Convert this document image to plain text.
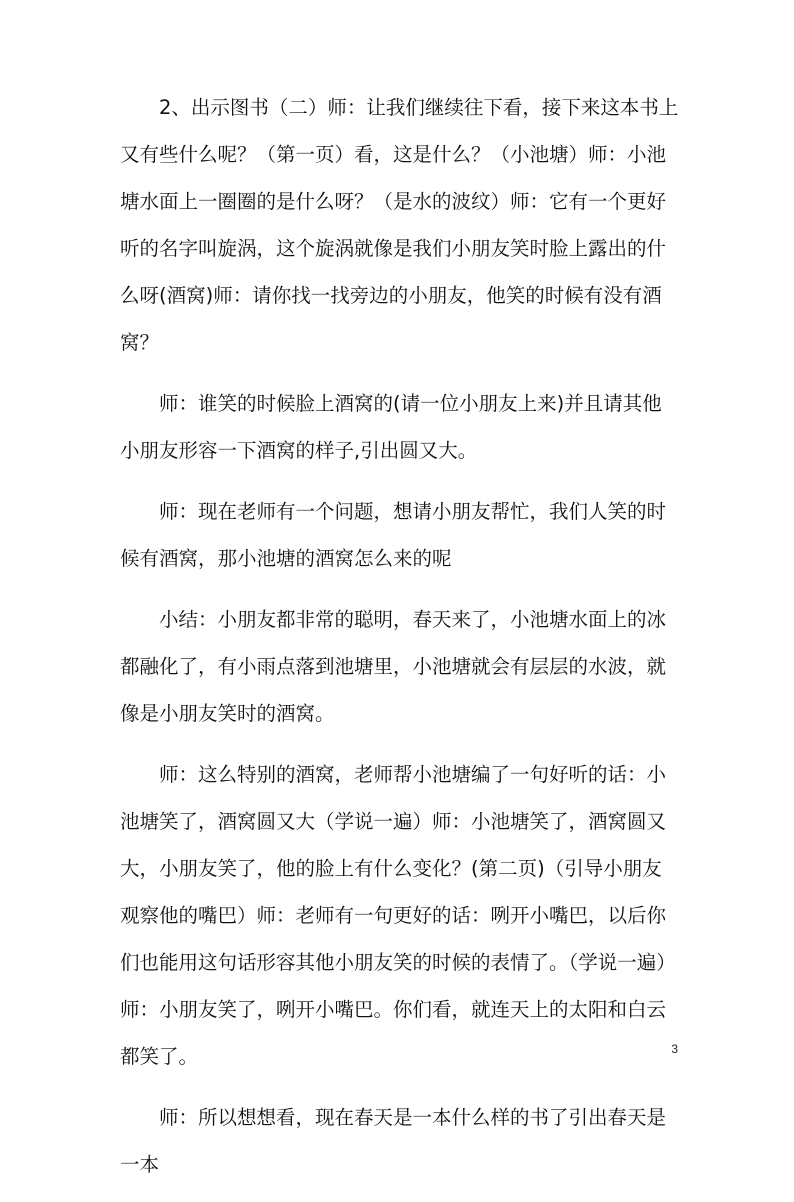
2、出示图书（二）师：让我们继续往下看，接下来这本书上又有些什么呢？（第一页）看，这是什么？（小池塘）师：小池塘水面上一圈圈的是什么呀？（是水的波纹）师：它有一个更好听的名字叫旋涡，这个旋涡就像是我们小朋友笑时脸上露出的什么呀(酒窝)师：请你找一找旁边的小朋友，他笑的时候有没有酒窝？

师：谁笑的时候脸上酒窝的(请一位小朋友上来)并且请其他小朋友形容一下酒窝的样子,引出圆又大。

师：现在老师有一个问题，想请小朋友帮忙，我们人笑的时候有酒窝，那小池塘的酒窝怎么来的呢

小结：小朋友都非常的聪明，春天来了，小池塘水面上的冰都融化了，有小雨点落到池塘里，小池塘就会有层层的水波，就像是小朋友笑时的酒窝。

师：这么特别的酒窝，老师帮小池塘编了一句好听的话：小池塘笑了，酒窝圆又大（学说一遍）师：小池塘笑了，酒窝圆又大，小朋友笑了，他的脸上有什么变化？(第二页)（引导小朋友观察他的嘴巴）师：老师有一句更好的话：咧开小嘴巴，以后你们也能用这句话形容其他小朋友笑的时候的表情了。（学说一遍）师：小朋友笑了，咧开小嘴巴。你们看，就连天上的太阳和白云都笑了。

师：所以想想看，现在春天是一本什么样的书了引出春天是一本

3
